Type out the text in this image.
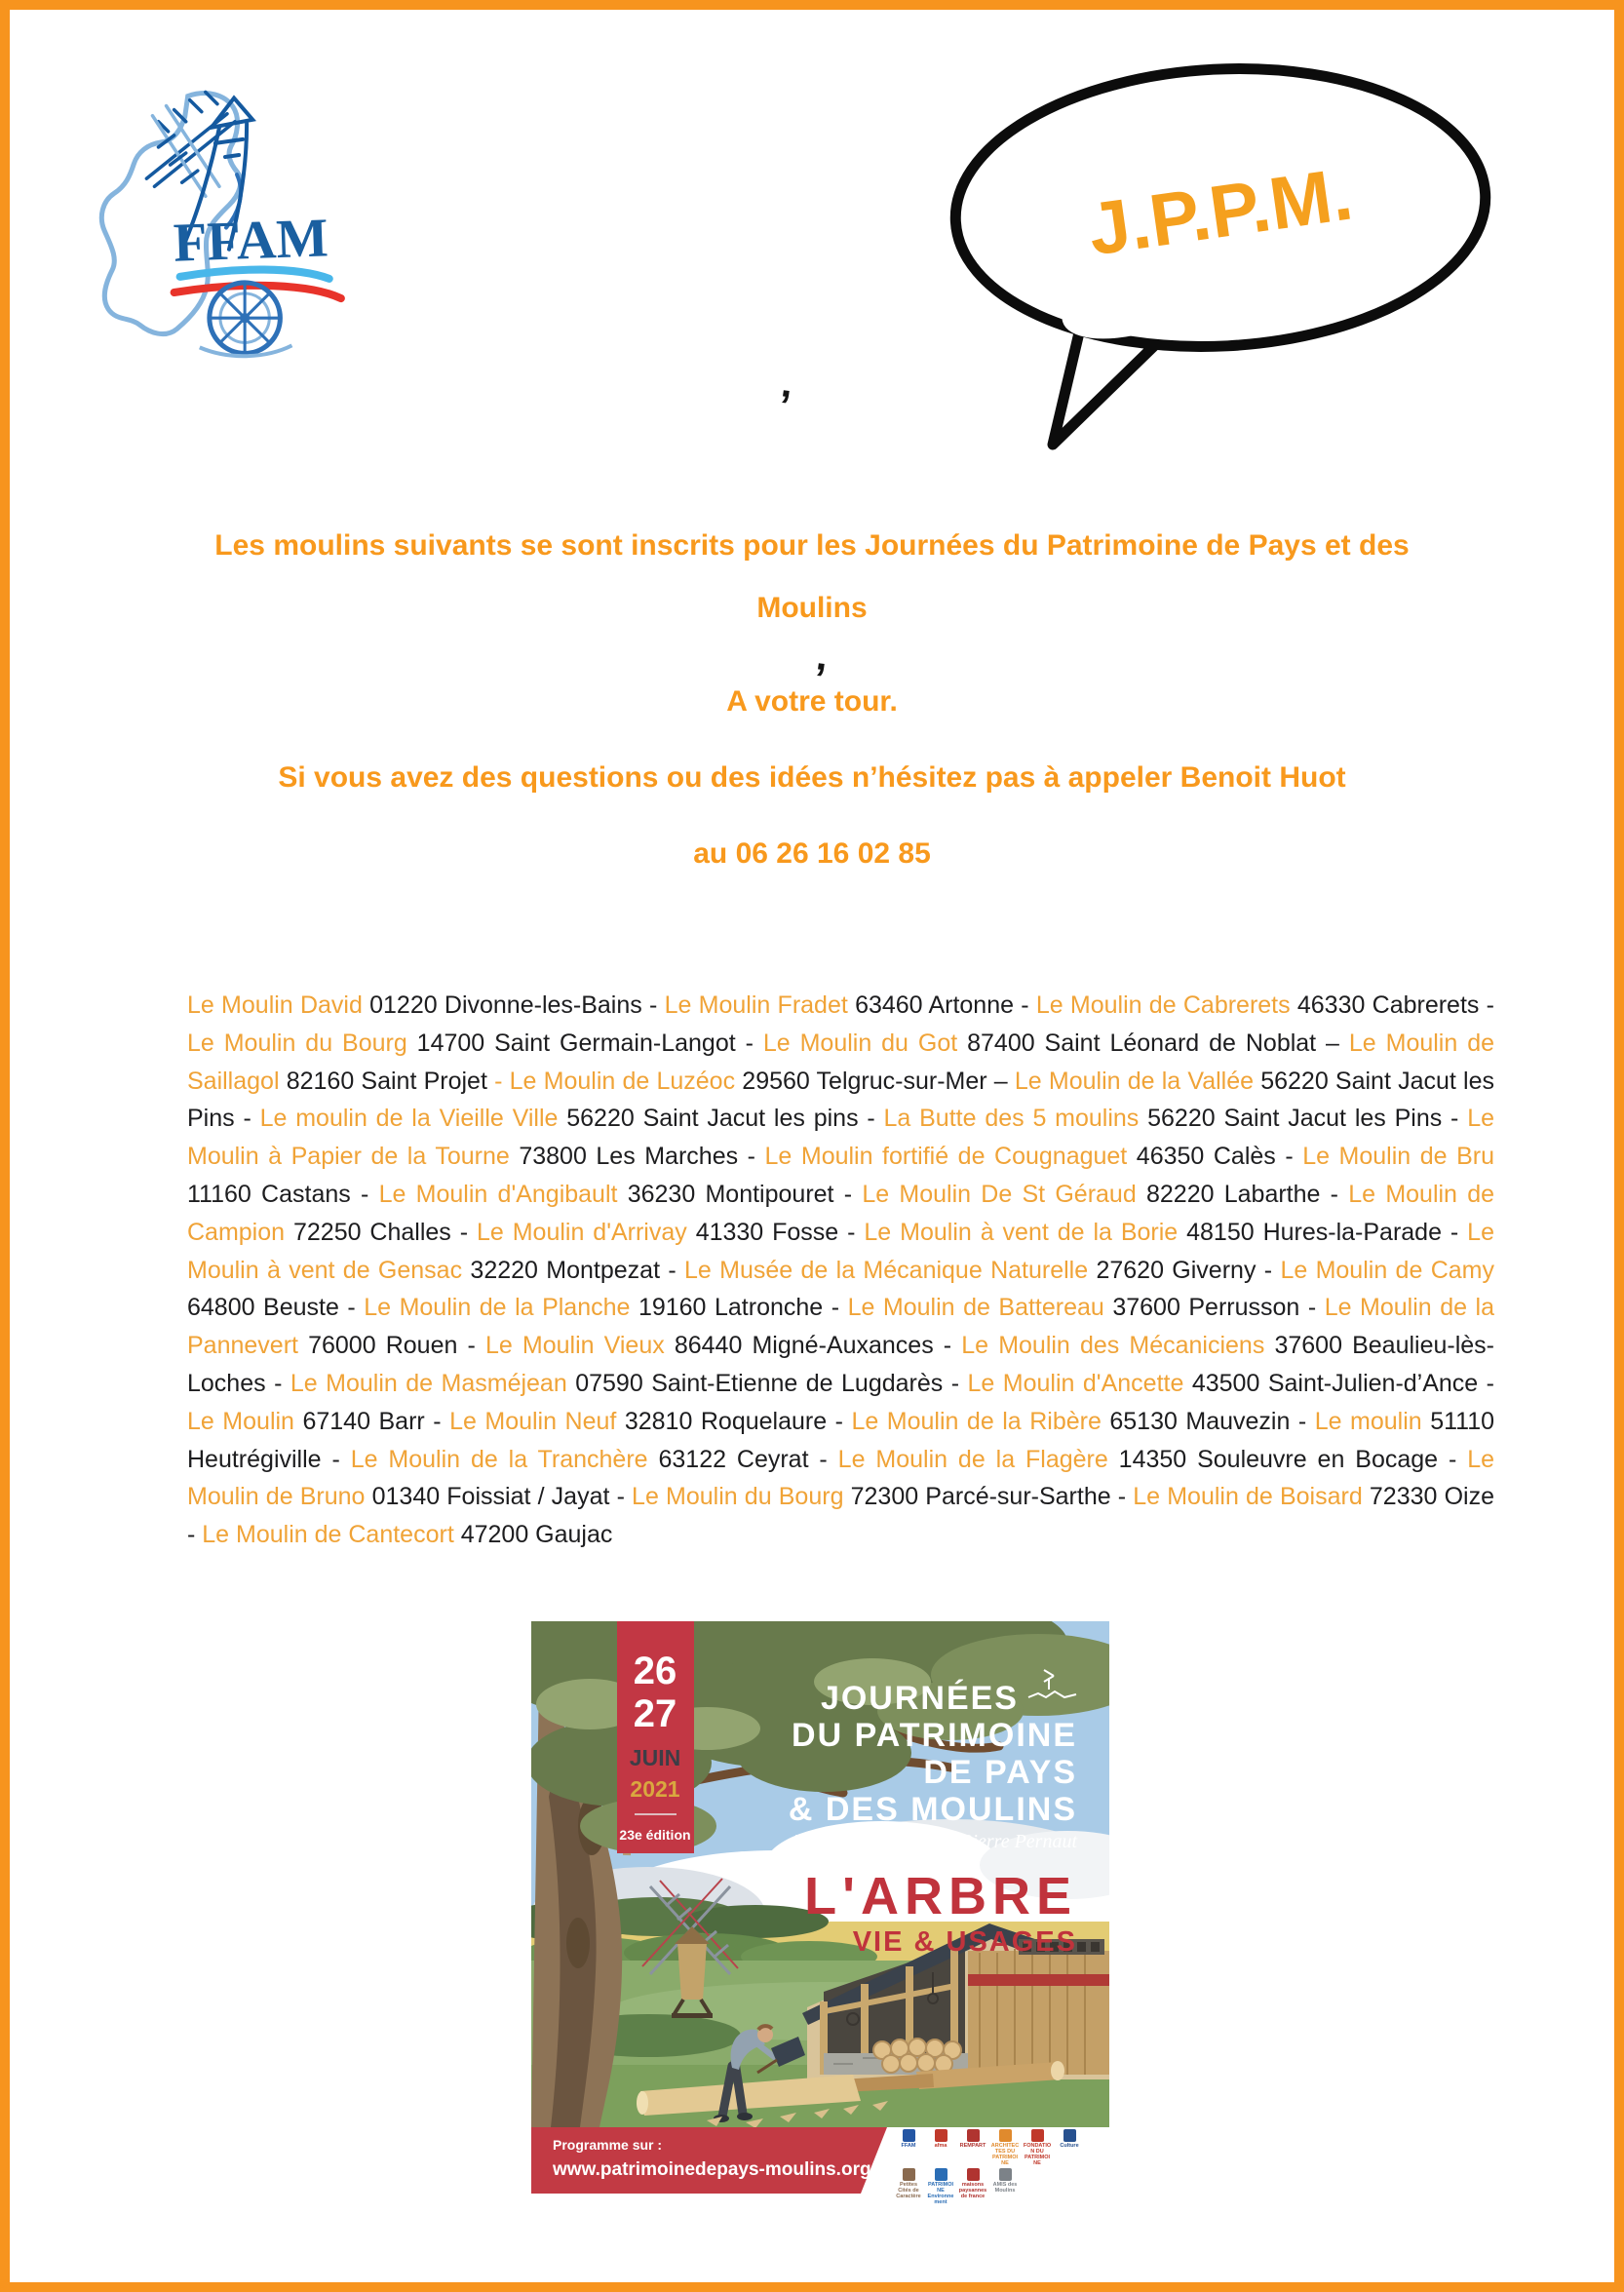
FFAM	J.P.P.M.
,
,
Les moulins suivants se sont inscrits pour les Journées du Patrimoine de Pays et des
Moulins
A votre tour.
Si vous avez des questions ou des idées n’hésitez pas à appeler Benoit Huot
au 06 26 16 02 85

Le Moulin David 01220 Divonne-les-Bains - Le Moulin Fradet 63460 Artonne - Le Moulin de Cabrerets 46330 Cabrerets - Le Moulin du Bourg 14700 Saint Germain-Langot - Le Moulin du Got 87400 Saint Léonard de Noblat – Le Moulin de Saillagol 82160 Saint Projet - Le Moulin de Luzéoc 29560 Telgruc-sur-Mer – Le Moulin de la Vallée 56220 Saint Jacut les Pins - Le moulin de la Vieille Ville 56220 Saint Jacut les pins - La Butte des 5 moulins 56220 Saint Jacut les Pins - Le Moulin à Papier de la Tourne 73800 Les Marches - Le Moulin fortifié de Cougnaguet 46350 Calès - Le Moulin de Bru 11160 Castans - Le Moulin d'Angibault 36230 Montipouret - Le Moulin De St Géraud 82220 Labarthe - Le Moulin de Campion 72250 Challes - Le Moulin d'Arrivay 41330 Fosse - Le Moulin à vent de la Borie 48150 Hures-la-Parade - Le Moulin à vent de Gensac 32220 Montpezat - Le Musée de la Mécanique Naturelle 27620 Giverny - Le Moulin de Camy 64800 Beuste - Le Moulin de la Planche 19160 Latronche - Le Moulin de Battereau 37600 Perrusson - Le Moulin de la Pannevert 76000 Rouen - Le Moulin Vieux 86440 Migné-Auxances - Le Moulin des Mécaniciens 37600 Beaulieu-lès-Loches - Le Moulin de Masméjean 07590 Saint-Etienne de Lugdarès - Le Moulin d'Ancette 43500 Saint-Julien-d’Ance - Le Moulin 67140 Barr - Le Moulin Neuf 32810 Roquelaure - Le Moulin de la Ribère 65130 Mauvezin - Le moulin 51110 Heutrégiville - Le Moulin de la Tranchère 63122 Ceyrat - Le Moulin de la Flagère 14350 Souleuvre en Bocage - Le Moulin de Bruno 01340 Foissiat / Jayat - Le Moulin du Bourg 72300 Parcé-sur-Sarthe - Le Moulin de Boisard 72330 Oize - Le Moulin de Cantecort 47200 Gaujac

26
27
JUIN
2021
23e édition
JOURNÉES
DU PATRIMOINE
DE PAYS
& DES MOULINS
Parrainées par Jean-Pierre Pernaut
L'ARBRE
VIE & USAGES
Programme sur :
www.patrimoinedepays-moulins.org
FFAM	afma REMPART ARCHITECTES DU PATRIMOINE
FONDATION DU PATRIMOINE
Culture
Petites Cités de Caractère
PATRIMOINE Environnement
maisons paysannes de france
AMIS des Moulins
